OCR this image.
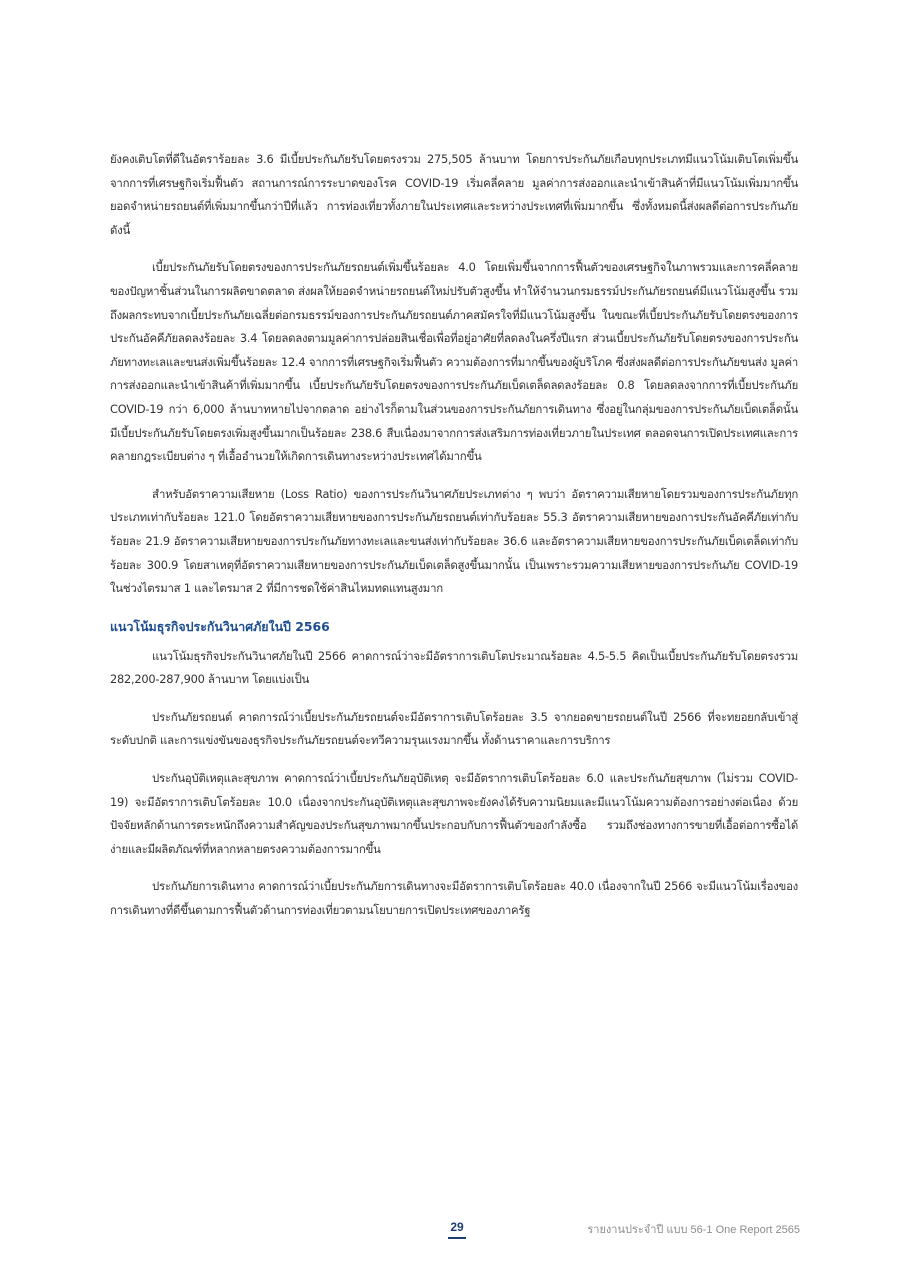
ยังคงเติบโตที่ดีในอัตราร้อยละ 3.6 มีเบี้ยประกันภัยรับโดยตรงรวม 275,505 ล้านบาท โดยการประกันภัยเกือบทุกประเภทมีแนวโน้มเติบโตเพิ่มขึ้นจากการที่เศรษฐกิจเริ่มฟื้นตัว สถานการณ์การระบาดของโรค COVID-19 เริ่มคลี่คลาย มูลค่าการส่งออกและนำเข้าสินค้าที่มีแนวโน้มเพิ่มมากขึ้น ยอดจำหน่ายรถยนต์ที่เพิ่มมากขึ้นกว่าปีที่แล้ว การท่องเที่ยวทั้งภายในประเทศและระหว่างประเทศที่เพิ่มมากขึ้น ซึ่งทั้งหมดนี้ส่งผลดีต่อการประกันภัยดังนี้

เบี้ยประกันภัยรับโดยตรงของการประกันภัยรถยนต์เพิ่มขึ้นร้อยละ 4.0 โดยเพิ่มขึ้นจากการฟื้นตัวของเศรษฐกิจในภาพรวมและการคลี่คลายของปัญหาชิ้นส่วนในการผลิตขาดตลาด ส่งผลให้ยอดจำหน่ายรถยนต์ใหม่ปรับตัวสูงขึ้น ทำให้จำนวนกรมธรรม์ประกันภัยรถยนต์มีแนวโน้มสูงขึ้น รวมถึงผลกระทบจากเบี้ยประกันภัยเฉลี่ยต่อกรมธรรม์ของการประกันภัยรถยนต์ภาคสมัครใจที่มีแนวโน้มสูงขึ้น ในขณะที่เบี้ยประกันภัยรับโดยตรงของการประกันอัคคีภัยลดลงร้อยละ 3.4 โดยลดลงตามมูลค่าการปล่อยสินเชื่อเพื่อที่อยู่อาศัยที่ลดลงในครึ่งปีแรก ส่วนเบี้ยประกันภัยรับโดยตรงของการประกันภัยทางทะเลและขนส่งเพิ่มขึ้นร้อยละ 12.4 จากการที่เศรษฐกิจเริ่มฟื้นตัว ความต้องการที่มากขึ้นของผู้บริโภค ซึ่งส่งผลดีต่อการประกันภัยขนส่ง มูลค่าการส่งออกและนำเข้าสินค้าที่เพิ่มมากขึ้น เบี้ยประกันภัยรับโดยตรงของการประกันภัยเบ็ดเตล็ดลดลงร้อยละ 0.8 โดยลดลงจากการที่เบี้ยประกันภัย COVID-19 กว่า 6,000 ล้านบาทหายไปจากตลาด อย่างไรก็ตามในส่วนของการประกันภัยการเดินทาง ซึ่งอยู่ในกลุ่มของการประกันภัยเบ็ดเตล็ดนั้น มีเบี้ยประกันภัยรับโดยตรงเพิ่มสูงขึ้นมากเป็นร้อยละ 238.6 สืบเนื่องมาจากการส่งเสริมการท่องเที่ยวภายในประเทศ ตลอดจนการเปิดประเทศและการคลายกฎระเบียบต่าง ๆ ที่เอื้ออำนวยให้เกิดการเดินทางระหว่างประเทศได้มากขึ้น

สำหรับอัตราความเสียหาย (Loss Ratio) ของการประกันวินาศภัยประเภทต่าง ๆ พบว่า อัตราความเสียหายโดยรวมของการประกันภัยทุกประเภทเท่ากับร้อยละ 121.0 โดยอัตราความเสียหายของการประกันภัยรถยนต์เท่ากับร้อยละ 55.3 อัตราความเสียหายของการประกันอัคคีภัยเท่ากับร้อยละ 21.9 อัตราความเสียหายของการประกันภัยทางทะเลและขนส่งเท่ากับร้อยละ 36.6 และอัตราความเสียหายของการประกันภัยเบ็ดเตล็ดเท่ากับร้อยละ 300.9 โดยสาเหตุที่อัตราความเสียหายของการประกันภัยเบ็ดเตล็ดสูงขึ้นมากนั้น เป็นเพราะรวมความเสียหายของการประกันภัย COVID-19 ในช่วงไตรมาส 1 และไตรมาส 2 ที่มีการชดใช้ค่าสินไหมทดแทนสูงมาก

แนวโน้มธุรกิจประกันวินาศภัยในปี 2566

แนวโน้มธุรกิจประกันวินาศภัยในปี 2566 คาดการณ์ว่าจะมีอัตราการเติบโตประมาณร้อยละ 4.5-5.5 คิดเป็นเบี้ยประกันภัยรับโดยตรงรวม 282,200-287,900 ล้านบาท โดยแบ่งเป็น

ประกันภัยรถยนต์ คาดการณ์ว่าเบี้ยประกันภัยรถยนต์จะมีอัตราการเติบโตร้อยละ 3.5 จากยอดขายรถยนต์ในปี 2566 ที่จะทยอยกลับเข้าสู่ระดับปกติ และการแข่งขันของธุรกิจประกันภัยรถยนต์จะทวีความรุนแรงมากขึ้น ทั้งด้านราคาและการบริการ

ประกันอุบัติเหตุและสุขภาพ คาดการณ์ว่าเบี้ยประกันภัยอุบัติเหตุ จะมีอัตราการเติบโตร้อยละ 6.0 และประกันภัยสุขภาพ (ไม่รวม COVID-19) จะมีอัตราการเติบโตร้อยละ 10.0 เนื่องจากประกันอุบัติเหตุและสุขภาพจะยังคงได้รับความนิยมและมีแนวโน้มความต้องการอย่างต่อเนื่อง ด้วยปัจจัยหลักด้านการตระหนักถึงความสำคัญของประกันสุขภาพมากขึ้นประกอบกับการฟื้นตัวของกำลังซื้อ รวมถึงช่องทางการขายที่เอื้อต่อการซื้อได้ง่ายและมีผลิตภัณฑ์ที่หลากหลายตรงความต้องการมากขึ้น

ประกันภัยการเดินทาง คาดการณ์ว่าเบี้ยประกันภัยการเดินทางจะมีอัตราการเติบโตร้อยละ 40.0 เนื่องจากในปี 2566 จะมีแนวโน้มเรื่องของการเดินทางที่ดีขึ้นตามการฟื้นตัวด้านการท่องเที่ยวตามนโยบายการเปิดประเทศของภาครัฐ

29	รายงานประจำปี แบบ 56-1 One Report 2565
